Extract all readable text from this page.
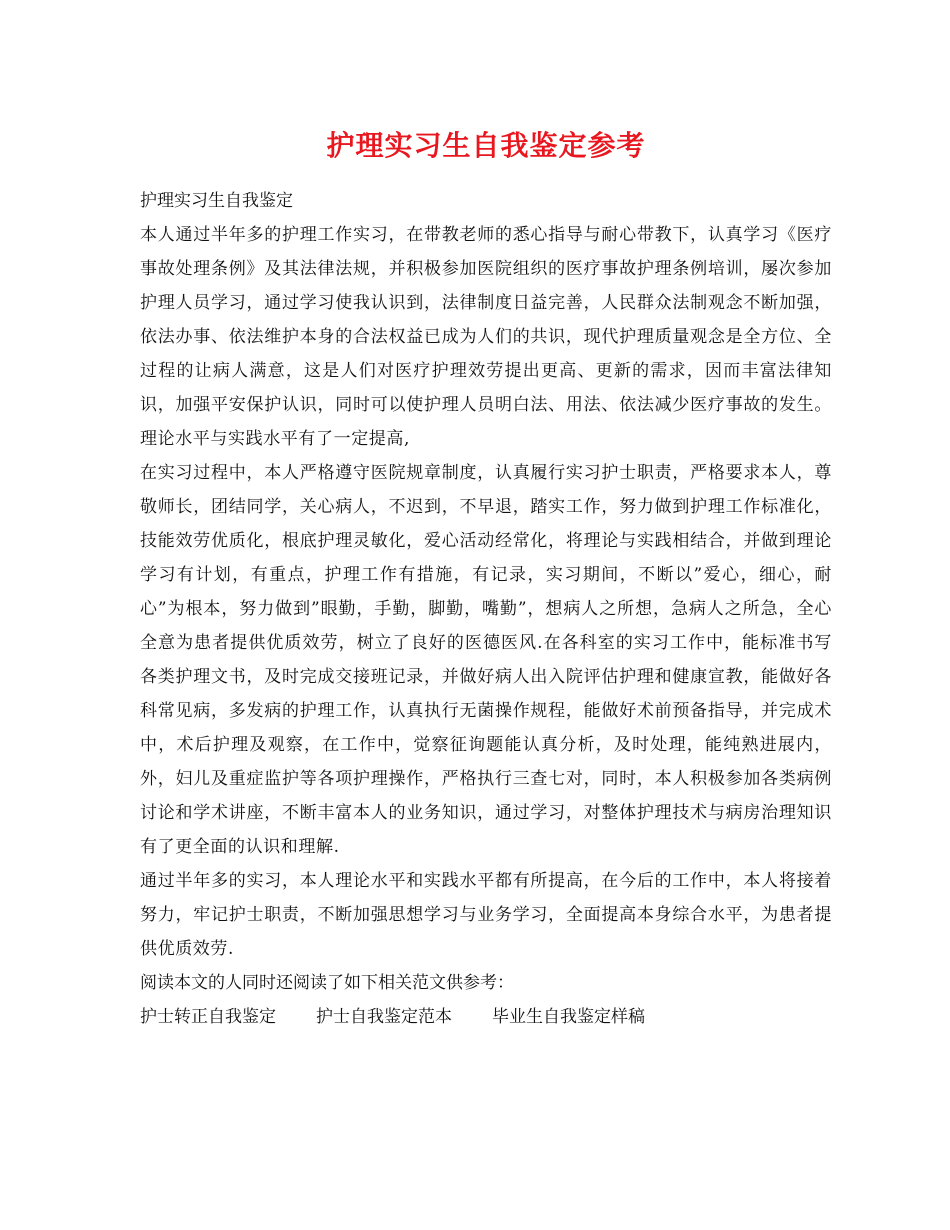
护理实习生自我鉴定参考

护理实习生自我鉴定

本人通过半年多的护理工作实习，在带教老师的悉心指导与耐心带教下，认真学习《医疗事故处理条例》及其法律法规，并积极参加医院组织的医疗事故护理条例培训，屡次参加护理人员学习，通过学习使我认识到，法律制度日益完善，人民群众法制观念不断加强，依法办事、依法维护本身的合法权益已成为人们的共识，现代护理质量观念是全方位、全过程的让病人满意，这是人们对医疗护理效劳提出更高、更新的需求，因而丰富法律知识，加强平安保护认识，同时可以使护理人员明白法、用法、依法减少医疗事故的发生。理论水平与实践水平有了一定提高,

在实习过程中，本人严格遵守医院规章制度，认真履行实习护士职责，严格要求本人，尊敬师长，团结同学，关心病人，不迟到，不早退，踏实工作，努力做到护理工作标准化，技能效劳优质化，根底护理灵敏化，爱心活动经常化，将理论与实践相结合，并做到理论学习有计划，有重点，护理工作有措施，有记录，实习期间，不断以”爱心，细心，耐心”为根本，努力做到”眼勤，手勤，脚勤，嘴勤”，想病人之所想，急病人之所急，全心全意为患者提供优质效劳，树立了良好的医德医风.在各科室的实习工作中，能标准书写各类护理文书，及时完成交接班记录，并做好病人出入院评估护理和健康宣教，能做好各科常见病，多发病的护理工作，认真执行无菌操作规程，能做好术前预备指导，并完成术中，术后护理及观察，在工作中，觉察征询题能认真分析，及时处理，能纯熟进展内，外，妇儿及重症监护等各项护理操作，严格执行三查七对，同时，本人积极参加各类病例讨论和学术讲座，不断丰富本人的业务知识，通过学习，对整体护理技术与病房治理知识有了更全面的认识和理解.

通过半年多的实习，本人理论水平和实践水平都有所提高，在今后的工作中，本人将接着努力，牢记护士职责，不断加强思想学习与业务学习，全面提高本身综合水平，为患者提供优质效劳.

阅读本文的人同时还阅读了如下相关范文供参考：

护士转正自我鉴定 护士自我鉴定范本 毕业生自我鉴定样稿
